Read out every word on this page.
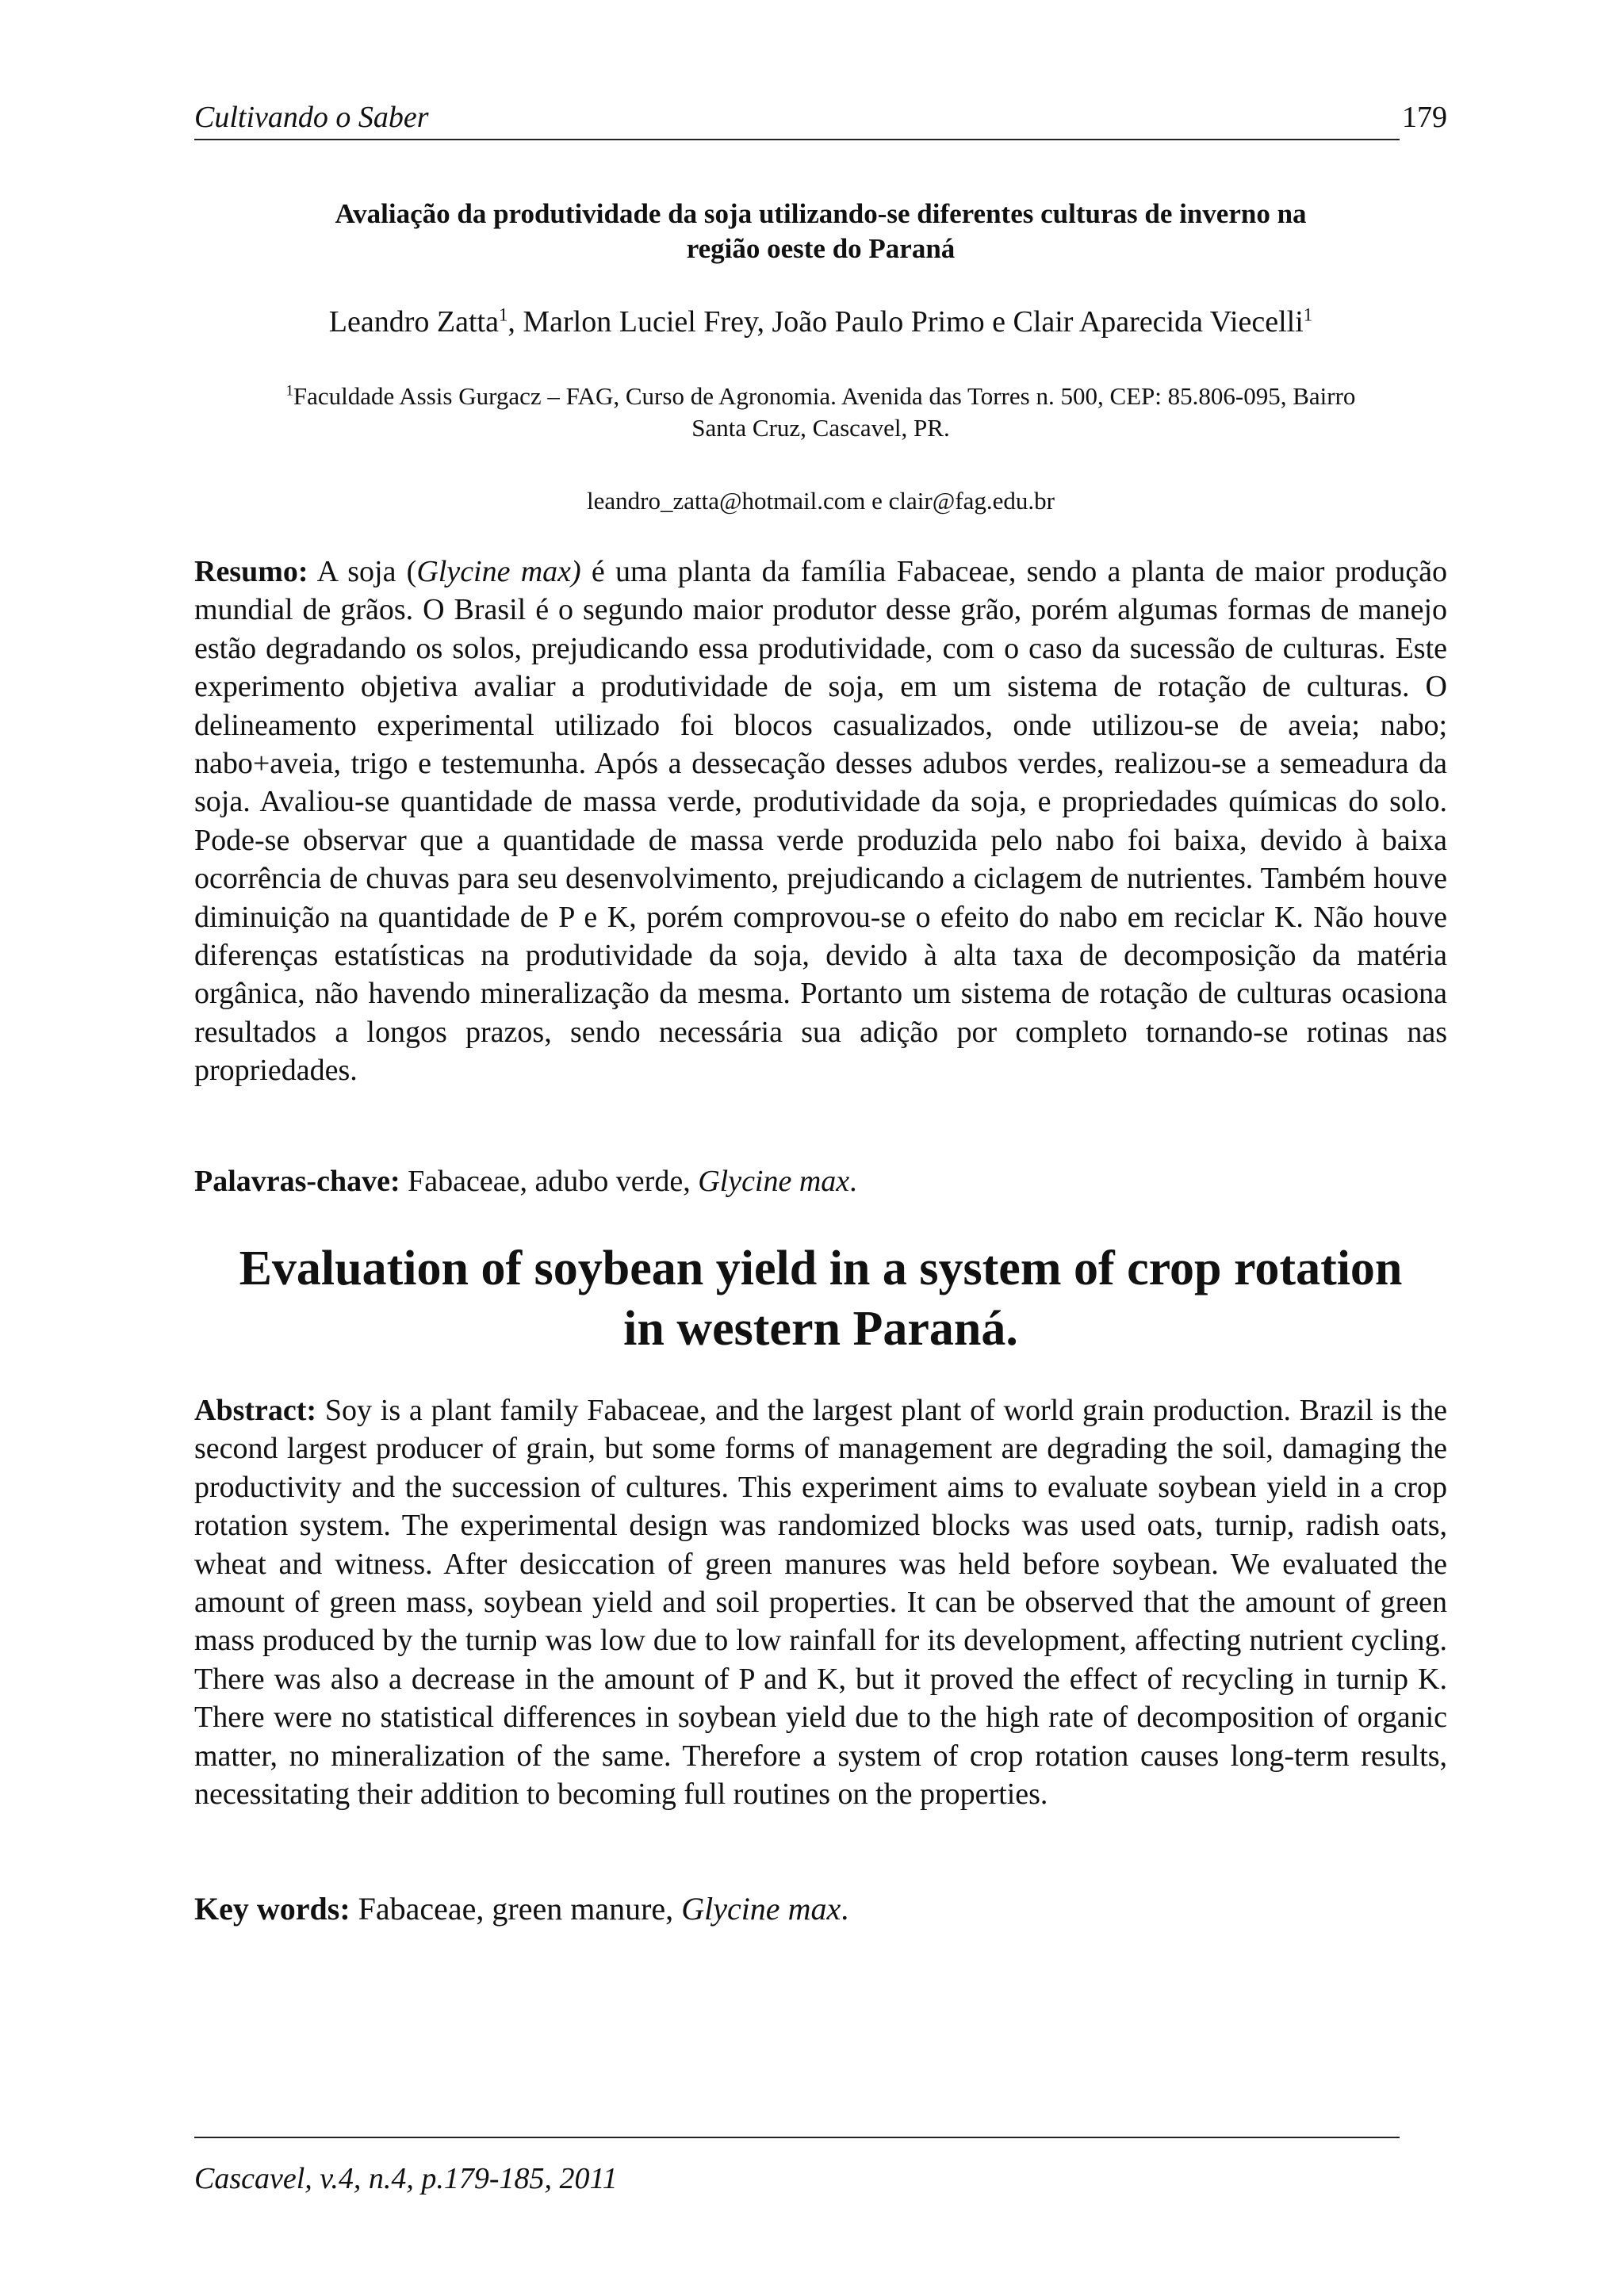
Cultivando o Saber	179
Avaliação da produtividade da soja utilizando-se diferentes culturas de inverno na
região oeste do Paraná
Leandro Zatta$^1$, Marlon Luciel Frey, João Paulo Primo e Clair Aparecida Viecelli$^1$
$^1$Faculdade Assis Gurgacz – FAG, Curso de Agronomia. Avenida das Torres n. 500, CEP: 85.806-095, Bairro
Santa Cruz, Cascavel, PR.
leandro_zatta@hotmail.com e clair@fag.edu.br
Resumo: A soja (Glycine max) é uma planta da família Fabaceae, sendo a planta de maior produção mundial de grãos. O Brasil é o segundo maior produtor desse grão, porém algumas formas de manejo estão degradando os solos, prejudicando essa produtividade, com o caso da sucessão de culturas. Este experimento objetiva avaliar a produtividade de soja, em um sistema de rotação de culturas. O delineamento experimental utilizado foi blocos casualizados, onde utilizou-se de aveia; nabo; nabo+aveia, trigo e testemunha. Após a dessecação desses adubos verdes, realizou-se a semeadura da soja. Avaliou-se quantidade de massa verde, produtividade da soja, e propriedades químicas do solo. Pode-se observar que a quantidade de massa verde produzida pelo nabo foi baixa, devido à baixa ocorrência de chuvas para seu desenvolvimento, prejudicando a ciclagem de nutrientes. Também houve diminuição na quantidade de P e K, porém comprovou-se o efeito do nabo em reciclar K. Não houve diferenças estatísticas na produtividade da soja, devido à alta taxa de decomposição da matéria orgânica, não havendo mineralização da mesma. Portanto um sistema de rotação de culturas ocasiona resultados a longos prazos, sendo necessária sua adição por completo tornando-se rotinas nas propriedades.
Palavras-chave: Fabaceae, adubo verde, Glycine max.
Evaluation of soybean yield in a system of crop rotation
in western Paraná.
Abstract: Soy is a plant family Fabaceae, and the largest plant of world grain production. Brazil is the second largest producer of grain, but some forms of management are degrading the soil, damaging the productivity and the succession of cultures. This experiment aims to evaluate soybean yield in a crop rotation system. The experimental design was randomized blocks was used oats, turnip, radish oats, wheat and witness. After desiccation of green manures was held before soybean. We evaluated the amount of green mass, soybean yield and soil properties. It can be observed that the amount of green mass produced by the turnip was low due to low rainfall for its development, affecting nutrient cycling. There was also a decrease in the amount of P and K, but it proved the effect of recycling in turnip K. There were no statistical differences in soybean yield due to the high rate of decomposition of organic matter, no mineralization of the same. Therefore a system of crop rotation causes long-term results, necessitating their addition to becoming full routines on the properties.
Key words: Fabaceae, green manure, Glycine max.
Cascavel, v.4, n.4, p.179-185, 2011
